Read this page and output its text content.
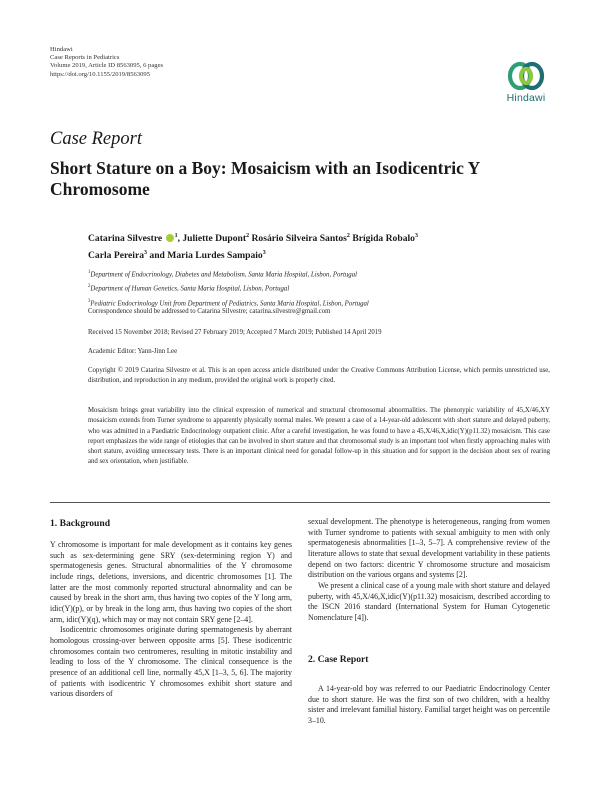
Hindawi
Case Reports in Pediatrics
Volume 2019, Article ID 8563095, 6 pages
https://doi.org/10.1155/2019/8563095
Hindawi
Case Report
Short Stature on a Boy: Mosaicism with an Isodicentric Y Chromosome
Catarina Silvestre $^1$, Juliette Dupont$^2$ Rosário Silveira Santos$^2$ Brígida Robalo$^3$
Carla Pereira$^3$ and Maria Lurdes Sampaio$^3$
$^1$Department of Endocrinology, Diabetes and Metabolism, Santa Maria Hospital, Lisbon, Portugal
$^2$Department of Human Genetics, Santa Maria Hospital, Lisbon, Portugal
$^3$Pediatric Endocrinology Unit from Department of Pediatrics, Santa Maria Hospital, Lisbon, Portugal
Correspondence should be addressed to Catarina Silvestre; catarina.silvestre@gmail.com
Received 15 November 2018; Revised 27 February 2019; Accepted 7 March 2019; Published 14 April 2019
Academic Editor: Yann-Jinn Lee
Copyright © 2019 Catarina Silvestre et al. This is an open access article distributed under the Creative Commons Attribution License, which permits unrestricted use, distribution, and reproduction in any medium, provided the original work is properly cited.
Mosaicism brings great variability into the clinical expression of numerical and structural chromosomal abnormalities. The phenotypic variability of 45,X/46,XY mosaicism extends from Turner syndrome to apparently physically normal males. We present a case of a 14-year-old adolescent with short stature and delayed puberty, who was admitted in a Paediatric Endocrinology outpatient clinic. After a careful investigation, he was found to have a 45,X/46,X,idic(Y)(p11.32) mosaicism. This case report emphasizes the wide range of etiologies that can be involved in short stature and that chromosomal study is an important tool when firstly approaching males with short stature, avoiding unnecessary tests. There is an important clinical need for gonadal follow-up in this situation and for support in the decision about sex of rearing and sex orientation, when justifiable.
1. Background

Y chromosome is important for male development as it contains key genes such as sex-determining gene SRY (sex-determining region Y) and spermatogenesis genes. Structural abnormalities of the Y chromosome include rings, deletions, inversions, and dicentric chromosomes [1]. The latter are the most commonly reported structural abnormality and can be caused by break in the short arm, thus having two copies of the Y long arm, idic(Y)(p), or by break in the long arm, thus having two copies of the short arm, idic(Y)(q), which may or may not contain SRY gene [2–4].

Isodicentric chromosomes originate during spermatogenesis by aberrant homologous crossing-over between opposite arms [5]. These isodicentric chromosomes contain two centromeres, resulting in mitotic instability and leading to loss of the Y chromosome. The clinical consequence is the presence of an additional cell line, normally 45,X [1–3, 5, 6]. The majority of patients with isodicentric Y chromosomes exhibit short stature and various disorders of

sexual development. The phenotype is heterogeneous, ranging from women with Turner syndrome to patients with sexual ambiguity to men with only spermatogenesis abnormalities [1–3, 5–7]. A comprehensive review of the literature allows to state that sexual development variability in these patients depend on two factors: dicentric Y chromosome structure and mosaicism distribution on the various organs and systems [2].

We present a clinical case of a young male with short stature and delayed puberty, with 45,X/46,X,idic(Y)(p11.32) mosaicism, described according to the ISCN 2016 standard (International System for Human Cytogenetic Nomenclature [4]).

2. Case Report

A 14-year-old boy was referred to our Paediatric Endocrinology Center due to short stature. He was the first son of two children, with a healthy sister and irrelevant familial history. Familial target height was on percentile 3–10.
